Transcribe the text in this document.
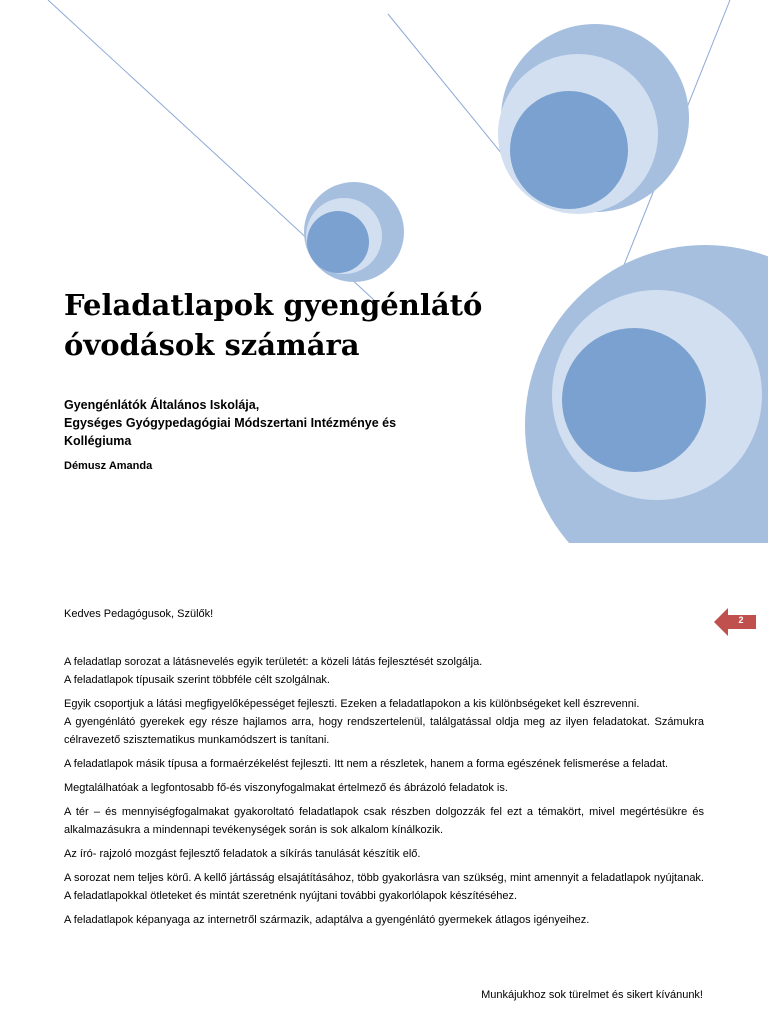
Feladatlapok gyengénlátó
óvodások számára
Gyengénlátók Általános Iskolája,
Egységes Gyógypedagógiai Módszertani Intézménye és
Kollégiuma
Démusz Amanda
Kedves Pedagógusok, Szülők!	2

A feladatlap sorozat a látásnevelés egyik területét: a közeli látás fejlesztését szolgálja.
A feladatlapok típusaik szerint többféle célt szolgálnak.

Egyik csoportjuk a látási megfigyelőképességet fejleszti. Ezeken a feladatlapokon a kis különbségeket kell észrevenni.
A gyengénlátó gyerekek egy része hajlamos arra, hogy rendszertelenül, találgatással oldja meg az ilyen feladatokat. Számukra célravezető szisztematikus munkamódszert is tanítani.

A feladatlapok másik típusa a formaérzékelést fejleszti. Itt nem a részletek, hanem a forma egészének felismerése a feladat.

Megtalálhatóak a legfontosabb fő-és viszonyfogalmakat értelmező és ábrázoló feladatok is.

A tér – és mennyiségfogalmakat gyakoroltató feladatlapok csak részben dolgozzák fel ezt a témakört, mivel megértésükre és alkalmazásukra a mindennapi tevékenységek során is sok alkalom kínálkozik.

Az író- rajzoló mozgást fejlesztő feladatok a síkírás tanulását készítik elő.

A sorozat nem teljes körű. A kellő jártásság elsajátításához, több gyakorlásra van szükség, mint amennyit a feladatlapok nyújtanak. A feladatlapokkal ötleteket és mintát szeretnénk nyújtani további gyakorlólapok készítéséhez.

A feladatlapok képanyaga az internetről származik, adaptálva a gyengénlátó gyermekek átlagos igényeihez.

Munkájukhoz sok türelmet és sikert kívánunk!
